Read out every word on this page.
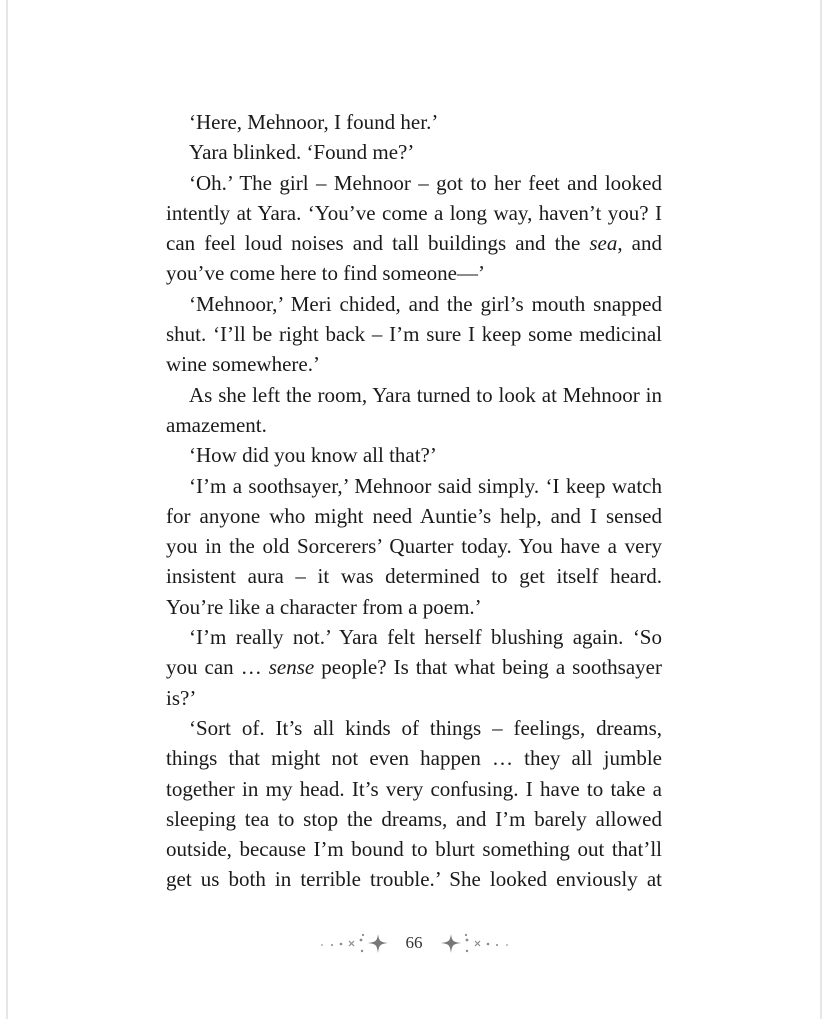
‘Here, Mehnoor, I found her.’

Yara blinked. ‘Found me?’

‘Oh.’ The girl – Mehnoor – got to her feet and looked intently at Yara. ‘You’ve come a long way, haven’t you? I can feel loud noises and tall buildings and the sea, and you’ve come here to find someone—’

‘Mehnoor,’ Meri chided, and the girl’s mouth snapped shut. ‘I’ll be right back – I’m sure I keep some medicinal wine somewhere.’

As she left the room, Yara turned to look at Mehnoor in amazement.

‘How did you know all that?’

‘I’m a soothsayer,’ Mehnoor said simply. ‘I keep watch for anyone who might need Auntie’s help, and I sensed you in the old Sorcerers’ Quarter today. You have a very insistent aura – it was determined to get itself heard. You’re like a character from a poem.’

‘I’m really not.’ Yara felt herself blushing again. ‘So you can … sense people? Is that what being a soothsayer is?’

‘Sort of. It’s all kinds of things – feelings, dreams, things that might not even happen … they all jumble together in my head. It’s very confusing. I have to take a sleeping tea to stop the dreams, and I’m barely allowed outside, because I’m bound to blurt something out that’ll get us both in terrible trouble.’ She looked enviously at

66
